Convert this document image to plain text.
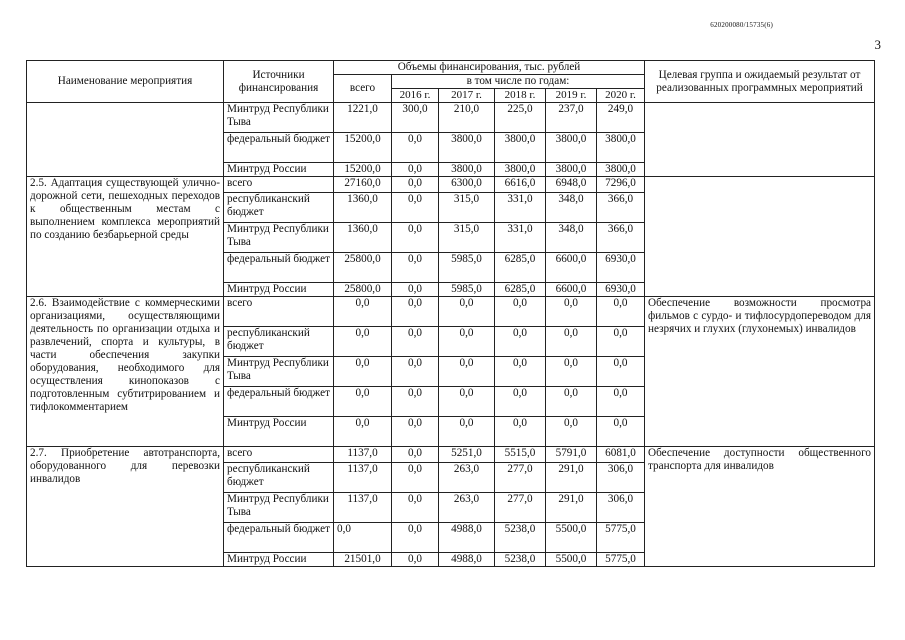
620200080/15735(6)
3
Наименование мероприятия	Источники финансирования	Объемы финансирования, тыс. рублей						Целевая группа и ожидаемый результат от реализованных программных мероприятий
		всего	в том числе по годам:					
			2016 г.	2017 г.	2018 г.	2019 г.	2020 г.	
	Минтруд Республики Тыва	1221,0	300,0	210,0	225,0	237,0	249,0	
	федеральный бюджет	15200,0	0,0	3800,0	3800,0	3800,0	3800,0	
	Минтруд России	15200,0	0,0	3800,0	3800,0	3800,0	3800,0	
2.5. Адаптация существующей улично-дорожной сети, пешеходных переходов к общественным местам с выполнением комплекса мероприятий по созданию безбарьерной среды	всего	27160,0	0,0	6300,0	6616,0	6948,0	7296,0	
	республиканский бюджет	1360,0	0,0	315,0	331,0	348,0	366,0	
	Минтруд Республики Тыва	1360,0	0,0	315,0	331,0	348,0	366,0	
	федеральный бюджет	25800,0	0,0	5985,0	6285,0	6600,0	6930,0	
	Минтруд России	25800,0	0,0	5985,0	6285,0	6600,0	6930,0	
2.6. Взаимодействие с коммерческими организациями, осуществляющими деятельность по организации отдыха и развлечений, спорта и культуры, в части обеспечения закупки оборудования, необходимого для осуществления кинопоказов с подготовленным субтитрированием и тифлокомментарием	всего	0,0	0,0	0,0	0,0	0,0	0,0	Обеспечение возможности просмотра фильмов с сурдо- и тифлосурдопереводом для незрячих и глухих (глухонемых) инвалидов
	республиканский бюджет	0,0	0,0	0,0	0,0	0,0	0,0	
	Минтруд Республики Тыва	0,0	0,0	0,0	0,0	0,0	0,0	
	федеральный бюджет	0,0	0,0	0,0	0,0	0,0	0,0	
	Минтруд России	0,0	0,0	0,0	0,0	0,0	0,0	
2.7. Приобретение автотранспорта, оборудованного для перевозки инвалидов	всего	1137,0	0,0	5251,0	5515,0	5791,0	6081,0	Обеспечение доступности общественного транспорта для инвалидов
	республиканский бюджет	1137,0	0,0	263,0	277,0	291,0	306,0	
	Минтруд Республики Тыва	1137,0	0,0	263,0	277,0	291,0	306,0	
	федеральный бюджет	0,0	0,0	4988,0	5238,0	5500,0	5775,0	
	Минтруд России	21501,0	0,0	4988,0	5238,0	5500,0	5775,0	
